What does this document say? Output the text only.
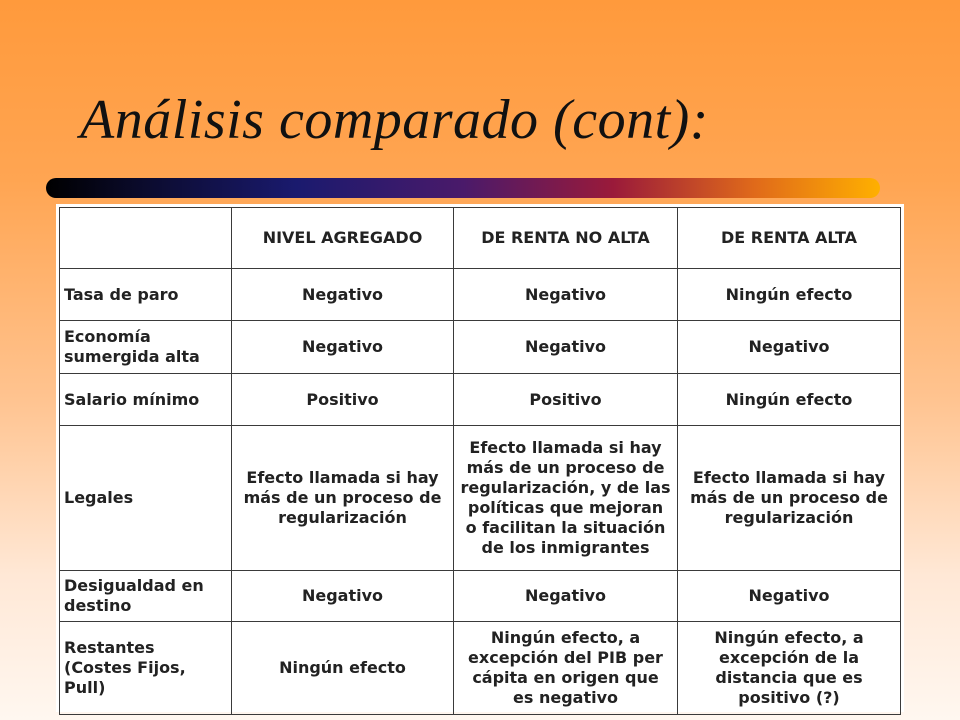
Análisis comparado (cont):
	NIVEL AGREGADO	DE RENTA NO ALTA	DE RENTA ALTA
Tasa de paro	Negativo	Negativo	Ningún efecto
Economía sumergida alta	Negativo	Negativo	Negativo
Salario mínimo	Positivo	Positivo	Ningún efecto
Legales	Efecto llamada si hay más de un proceso de regularización	Efecto llamada si hay más de un proceso de regularización, y de las políticas que mejoran o facilitan la situación de los inmigrantes	Efecto llamada si hay más de un proceso de regularización
Desigualdad en destino	Negativo	Negativo	Negativo
Restantes (Costes Fijos, Pull)	Ningún efecto	Ningún efecto, a excepción del PIB per cápita en origen que es negativo	Ningún efecto, a excepción de la distancia que es positivo (?)
